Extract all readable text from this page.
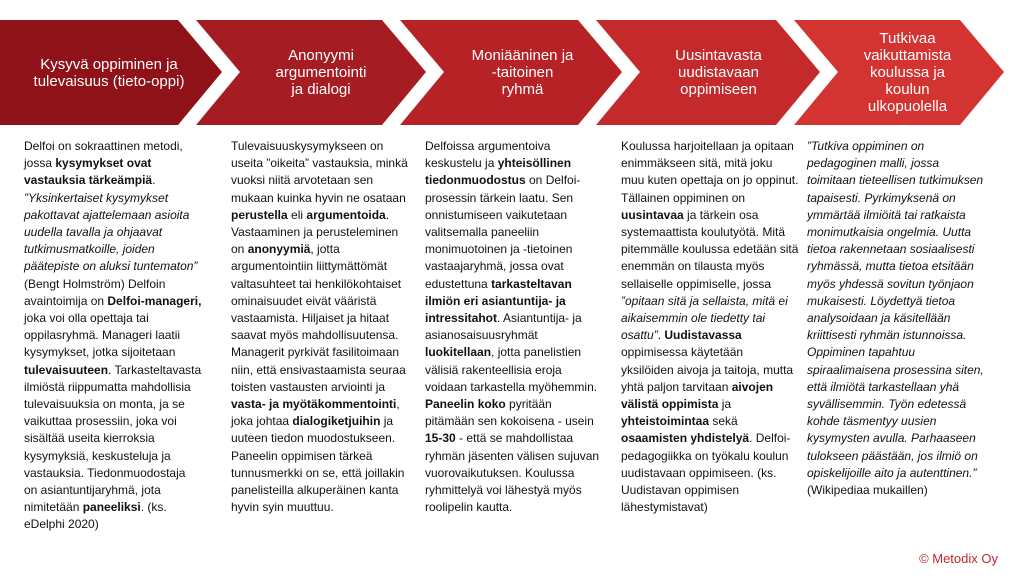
Kysyvä oppiminen ja
tulevaisuus (tieto-oppi)
Anonyymi
argumentointi
ja dialogi
Moniääninen ja
-taitoinen
ryhmä
Uusintavasta
uudistavaan
oppimiseen
Tutkivaa
vaikuttamista
koulussa ja
koulun
ulkopuolella
Delfoi on sokraattinen metodi, jossa kysymykset ovat vastauksia tärkeämpiä. ”Yksinkertaiset kysymykset pakottavat ajattelemaan asioita uudella tavalla ja ohjaavat tutkimusmatkoille, joiden päätepiste on aluksi tuntematon” (Bengt Holmström) Delfoin avaintoimija on Delfoi-manageri, joka voi olla opettaja tai oppilasryhmä. Manageri laatii kysymykset, jotka sijoitetaan tulevaisuuteen. Tarkasteltavasta ilmiöstä riippumatta mahdollisia tulevaisuuksia on monta, ja se vaikuttaa prosessiin, joka voi sisältää useita kierroksia kysymyksiä, keskusteluja ja vastauksia. Tiedonmuodostaja on asiantuntijaryhmä, jota nimitetään paneeliksi. (ks. eDelphi 2020)
Tulevaisuuskysymykseen on useita ”oikeita” vastauksia, minkä vuoksi niitä arvotetaan sen mukaan kuinka hyvin ne osataan perustella eli argumentoida. Vastaaminen ja perusteleminen on anonyymiä, jotta argumentointiin liittymättömät valtasuhteet tai henkilökohtaiset ominaisuudet eivät vääristä vastaamista. Hiljaiset ja hitaat saavat myös mahdollisuutensa. Managerit pyrkivät fasilitoimaan niin, että ensivastaamista seuraa toisten vastausten arviointi ja vasta- ja myötäkommentointi, joka johtaa dialogiketjuihin ja uuteen tiedon muodostukseen. Paneelin oppimisen tärkeä tunnusmerkki on se, että joillakin panelisteilla alkuperäinen kanta hyvin syin muuttuu.
Delfoissa argumentoiva keskustelu ja yhteisöllinen tiedonmuodostus on Delfoi-prosessin tärkein laatu. Sen onnistumiseen vaikutetaan valitsemalla paneeliin monimuotoinen ja -tietoinen vastaajaryhmä, jossa ovat edustettuna tarkasteltavan ilmiön eri asiantuntija- ja intressitahot. Asiantuntija- ja asianosaisuusryhmät luokitellaan, jotta panelistien välisiä rakenteellisia eroja voidaan tarkastella myöhemmin. Paneelin koko pyritään pitämään sen kokoisena - usein 15-30 - että se mahdollistaa ryhmän jäsenten välisen sujuvan vuorovaikutuksen. Koulussa ryhmittelyä voi lähestyä myös roolipelin kautta.
Koulussa harjoitellaan ja opitaan enimmäkseen sitä, mitä joku muu kuten opettaja on jo oppinut. Tällainen oppiminen on uusintavaa ja tärkein osa systemaattista koulutyötä. Mitä pitemmälle koulussa edetään sitä enemmän on tilausta myös sellaiselle oppimiselle, jossa ”opitaan sitä ja sellaista, mitä ei aikaisemmin ole tiedetty tai osattu”. Uudistavassa oppimisessa käytetään yksilöiden aivoja ja taitoja, mutta yhtä paljon tarvitaan aivojen välistä oppimista ja yhteistoimintaa sekä osaamisten yhdistelyä. Delfoi-pedagogiikka on työkalu koulun uudistavaan oppimiseen. (ks. Uudistavan oppimisen lähestymistavat)
”Tutkiva oppiminen on pedagoginen malli, jossa toimitaan tieteellisen tutkimuksen tapaisesti. Pyrkimyksenä on ymmärtää ilmiöitä tai ratkaista monimutkaisia ongelmia. Uutta tietoa rakennetaan sosiaalisesti ryhmässä, mutta tietoa etsitään myös yhdessä sovitun työnjaon mukaisesti. Löydettyä tietoa analysoidaan ja käsitellään kriittisesti ryhmän istunnoissa. Oppiminen tapahtuu spiraalimaisena prosessina siten, että ilmiötä tarkastellaan yhä syvällisemmin. Työn edetessä kohde täsmentyy uusien kysymysten avulla. Parhaaseen tulokseen päästään, jos ilmiö on opiskelijoille aito ja autenttinen.” (Wikipediaa mukaillen)
© Metodix Oy
